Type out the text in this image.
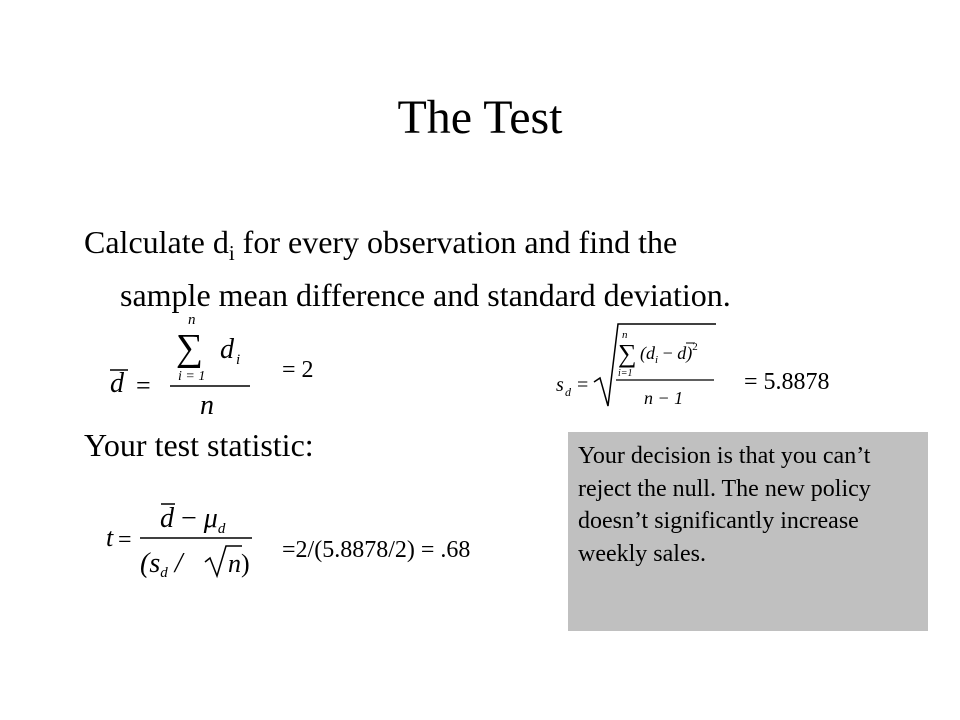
The Test
Calculate $d_i$ for every observation and find the
sample mean difference and standard deviation.
d =
n
∑
i = 1
d i
n
= 2
s d =
n
∑
i=1
$(d_i - d)^2$
n − 1
= 5.8878
Your test statistic:
t =
$d - \mu_d$
(sd / n) =2/(5.8878/2) = .68
Your decision is that you can’t reject the null. The new policy doesn’t significantly increase weekly sales.
